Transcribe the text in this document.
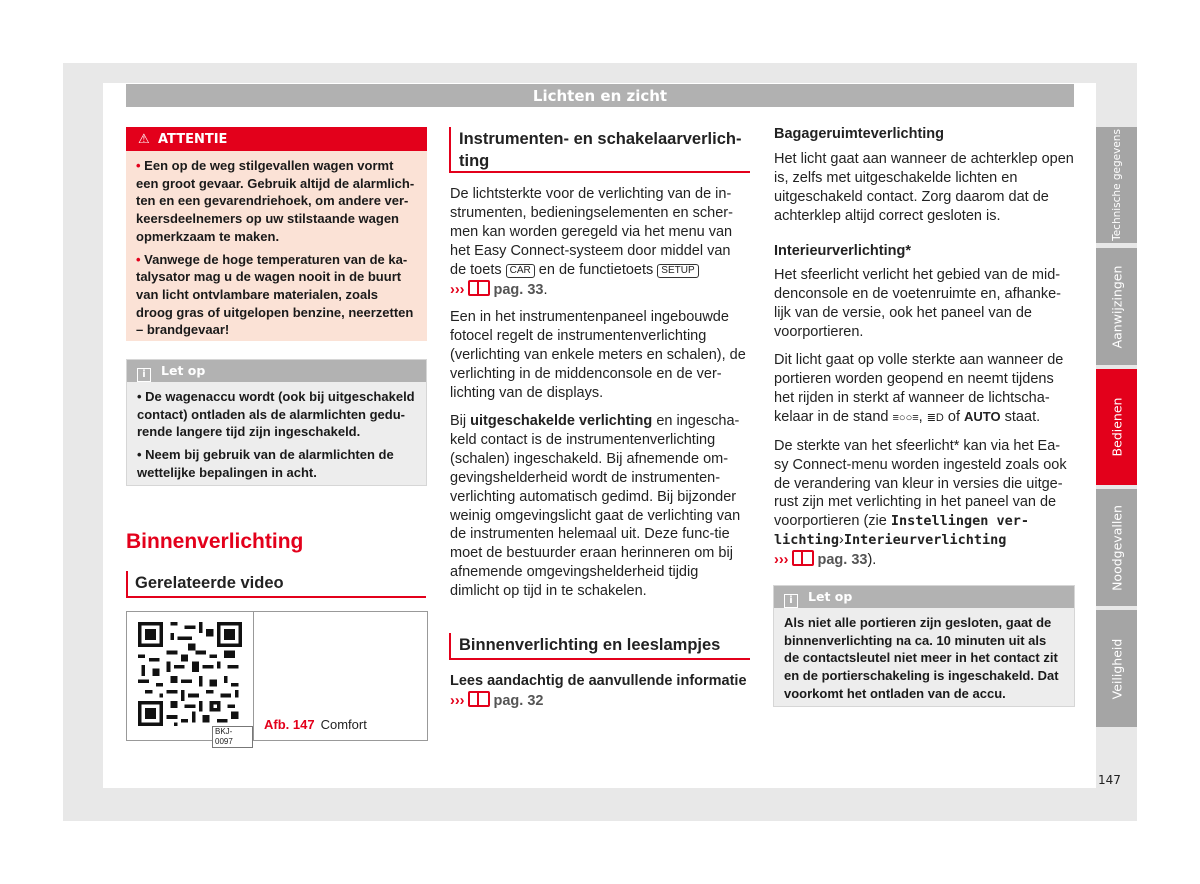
Lichten en zicht
Technische gegevens
Aanwijzingen
Bedienen
Noodgevallen
Veiligheid
147
⚠ ATTENTIE

• Een op de weg stilgevallen wagen vormt een groot gevaar. Gebruik altijd de alarmlich-ten en een gevarendriehoek, om andere ver-keersdeelnemers op uw stilstaande wagen opmerkzaam te maken.

• Vanwege de hoge temperaturen van de ka-talysator mag u de wagen nooit in de buurt van licht ontvlambare materialen, zoals droog gras of uitgelopen benzine, neerzetten – brandgevaar!

i Let op

• De wagenaccu wordt (ook bij uitgeschakeld contact) ontladen als de alarmlichten gedu-rende langere tijd zijn ingeschakeld.

• Neem bij gebruik van de alarmlichten de wettelijke bepalingen in acht.

Binnenverlichting
Gerelateerde video
BKJ-0097
Afb. 147 Comfort
Instrumenten- en schakelaarverlich-ting

De lichtsterkte voor de verlichting van de in-strumenten, bedieningselementen en scher-men kan worden geregeld via het menu van het Easy Connect-systeem door middel van de toets CAR en de functietoets SETUP
››› pag. 33.

Een in het instrumentenpaneel ingebouwde fotocel regelt de instrumentenverlichting (verlichting van enkele meters en schalen), de verlichting in de middenconsole en de ver-lichting van de displays.

Bij uitgeschakelde verlichting en ingescha-keld contact is de instrumentenverlichting (schalen) ingeschakeld. Bij afnemende om-gevingshelderheid wordt de instrumenten-verlichting automatisch gedimd. Bij bijzonder weinig omgevingslicht gaat de verlichting van de instrumenten helemaal uit. Deze func-tie moet de bestuurder eraan herinneren om bij afnemende omgevingshelderheid tijdig dimlicht op tijd in te schakelen.

Binnenverlichting en leeslampjes
Lees aandachtig de aanvullende informatie
››› pag. 32
Bagageruimteverlichting

Het licht gaat aan wanneer de achterklep open is, zelfs met uitgeschakelde lichten en uitgeschakeld contact. Zorg daarom dat de achterklep altijd correct gesloten is.

Interieurverlichting*

Het sfeerlicht verlicht het gebied van de mid-denconsole en de voetenruimte en, afhanke-lijk van de versie, ook het paneel van de voorportieren.

Dit licht gaat op volle sterkte aan wanneer de portieren worden geopend en neemt tijdens het rijden in sterkt af wanneer de lichtscha-kelaar in de stand ≡○○≡, ≣D of AUTO staat.

De sterkte van het sfeerlicht* kan via het Ea-sy Connect-menu worden ingesteld zoals ook de verandering van kleur in versies die uitge-rust zijn met verlichting in het paneel van de voorportieren (zie Instellingen ver-lichting›Interieurverlichting
››› pag. 33).

i Let op

Als niet alle portieren zijn gesloten, gaat de binnenverlichting na ca. 10 minuten uit als de contactsleutel niet meer in het contact zit en de portierschakeling is ingeschakeld. Dat voorkomt het ontladen van de accu.
